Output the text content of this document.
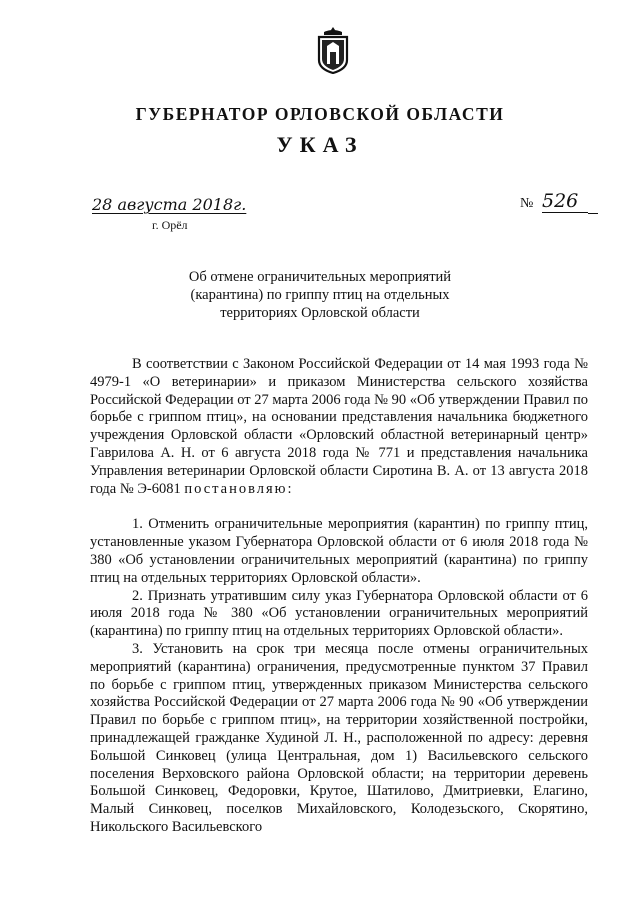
ГУБЕРНАТОР ОРЛОВСКОЙ ОБЛАСТИ
УКАЗ
28 августа 2018г.
г. Орёл
№ 526
Об отмене ограничительных мероприятий
(карантина) по гриппу птиц на отдельных
территориях Орловской области

В соответствии с Законом Российской Федерации от 14 мая 1993 года № 4979-1 «О ветеринарии» и приказом Министерства сельского хозяйства Российской Федерации от 27 марта 2006 года № 90 «Об утверждении Правил по борьбе с гриппом птиц», на основании представления начальника бюджетного учреждения Орловской области «Орловский областной ветеринарный центр» Гаврилова А. Н. от 6 августа 2018 года № 771 и представления начальника Управления ветеринарии Орловской области Сиротина В. А. от 13 августа 2018 года № Э-6081 постановляю:

1. Отменить ограничительные мероприятия (карантин) по гриппу птиц, установленные указом Губернатора Орловской области от 6 июля 2018 года № 380 «Об установлении ограничительных мероприятий (карантина) по гриппу птиц на отдельных территориях Орловской области».

2. Признать утратившим силу указ Губернатора Орловской области от 6 июля 2018 года № 380 «Об установлении ограничительных мероприятий (карантина) по гриппу птиц на отдельных территориях Орловской области».

3. Установить на срок три месяца после отмены ограничительных мероприятий (карантина) ограничения, предусмотренные пунктом 37 Правил по борьбе с гриппом птиц, утвержденных приказом Министерства сельского хозяйства Российской Федерации от 27 марта 2006 года № 90 «Об утверждении Правил по борьбе с гриппом птиц», на территории хозяйственной постройки, принадлежащей гражданке Худиной Л. Н., расположенной по адресу: деревня Большой Синковец (улица Центральная, дом 1) Васильевского сельского поселения Верховского района Орловской области; на территории деревень Большой Синковец, Федоровки, Крутое, Шатилово, Дмитриевки, Елагино, Малый Синковец, поселков Михайловского, Колодезьского, Скорятино, Никольского Васильевского
